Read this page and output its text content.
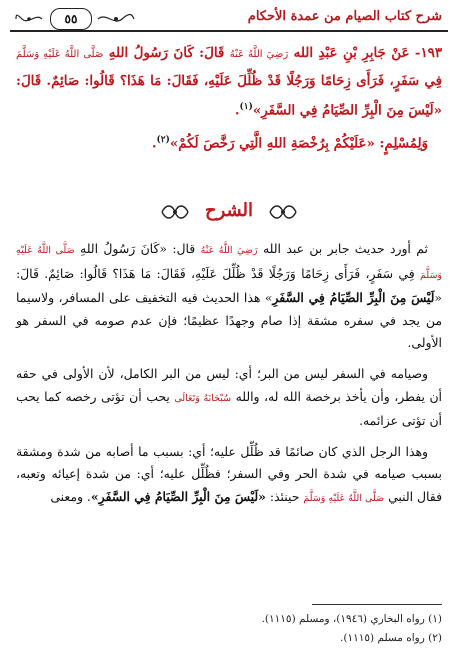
شرح كتاب الصيام من عمدة الأحكام
٥٥

١٩٣- عَنْ جَابِرِ بْنِ عَبْدِ الله رَضِيَ اللَّهُ عَنْهُ قَالَ: كَانَ رَسُولُ اللهِ صَلَّى اللَّهُ عَلَيْهِ وَسَلَّمَ فِي سَفَرٍ، فَرَأَى زِحَامًا وَرَجُلًا قَدْ ظُلِّلَ عَلَيْهِ، فَقَالَ: مَا هَذَا؟ قَالُوا: صَائِمٌ. قَالَ: «لَيْسَ مِنَ الْبِرِّ الصِّيَامُ فِي السَّفَرِ»$^{(١)}$.

وَلِمُسْلِمٍ: «عَلَيْكُمْ بِرُخْصَةِ اللهِ الَّتِي رَخَّصَ لَكُمْ»$^{(٢)}$.

الشرح

ثم أورد حديث جابر بن عبد الله رَضِيَ اللَّهُ عَنْهُ قال: «كَانَ رَسُولُ اللهِ صَلَّى اللَّهُ عَلَيْهِ وَسَلَّمَ فِي سَفَرٍ، فَرَأَى زِحَامًا وَرَجُلًا قَدْ ظُلِّلَ عَلَيْهِ، فَقَالَ: مَا هَذَا؟ قَالُوا: صَائِمٌ. قَالَ: «لَيْسَ مِنَ الْبِرِّ الصِّيَامُ فِي السَّفَرِ» هذا الحديث فيه التخفيف على المسافر، ولاسيما من يجد في سفره مشقة إذا صام وجهدًا عظيمًا؛ فإن عدم صومه في السفر هو الأولى.

وصيامه في السفر ليس من البر؛ أي: ليس من البر الكامل، لأن الأولى في حقه أن يفطر، وأن يأخذ برخصة الله له، والله سُبْحَانَهُ وَتَعَالَى يحب أن تؤتى رخصه كما يحب أن تؤتى عزائمه.

وهذا الرجل الذي كان صائمًا قد ظُلِّل عليه؛ أي: بسبب ما أصابه من شدة ومشقة بسبب صيامه في شدة الحر وفي السفر؛ فظُلِّل عليه؛ أي: من شدة إعيائه وتعبه، فقال النبي صَلَّى اللَّهُ عَلَيْهِ وَسَلَّمَ حينئذ: «لَيْسَ مِنَ الْبِرِّ الصِّيَامُ فِي السَّفَرِ». ومعنى

(١) رواه البخاري (١٩٤٦)، ومسلم (١١١٥).
(٢) رواه مسلم (١١١٥).
